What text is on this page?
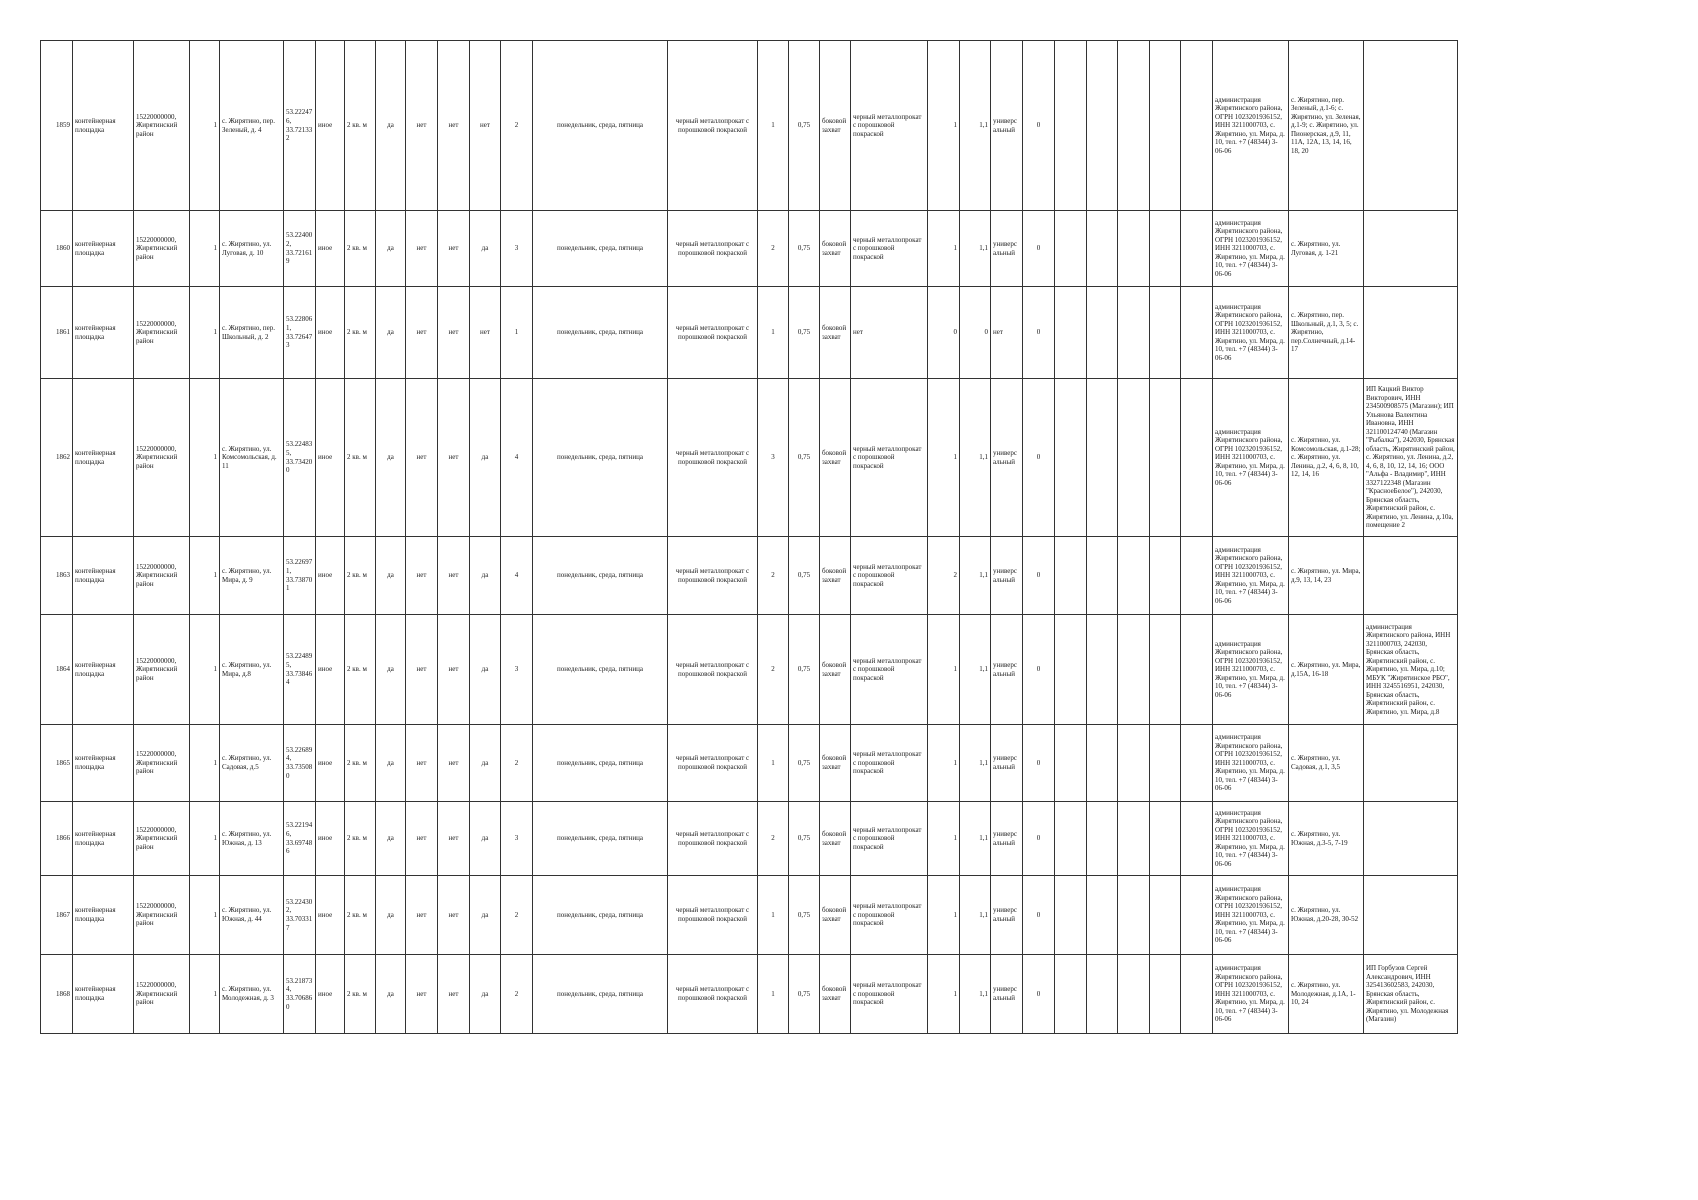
1859	контейнерная площадка	15220000000, Жирятинский район	1	с. Жирятино, пер. Зеленый, д. 4	53.22247 6, 33.72133 2	иное	2 кв. м	да	нет	нет	нет	2	понедельник, среда, пятница	черный металлопрокат с порошковой покраской	1	0,75	боковой захват	черный металлопрокат с порошковой покраской	1	1,1	универсальный	0						администрация Жирятинского района, ОГРН 1023201936152, ИНН 3211000703, с. Жирятино, ул. Мира, д. 10, тел. +7 (48344) 3-06-06	с. Жирятино, пер. Зеленый, д.1-6; с. Жирятино, ул. Зеленая, д.1-9; с. Жирятино, ул. Пионерская, д.9, 11, 11А, 12А, 13, 14, 16, 18, 20	
1860	контейнерная площадка	15220000000, Жирятинский район	1	с. Жирятино, ул. Луговая, д. 10	53.22400 2, 33.72161 9	иное	2 кв. м	да	нет	нет	да	3	понедельник, среда, пятница	черный металлопрокат с порошковой покраской	2	0,75	боковой захват	черный металлопрокат с порошковой покраской	1	1,1	универсальный	0						администрация Жирятинского района, ОГРН 1023201936152, ИНН 3211000703, с. Жирятино, ул. Мира, д. 10, тел. +7 (48344) 3-06-06	с. Жирятино, ул. Луговая, д. 1-21	
1861	контейнерная площадка	15220000000, Жирятинский район	1	с. Жирятино, пер. Школьный, д. 2	53.22806 1, 33.72647 3	иное	2 кв. м	да	нет	нет	нет	1	понедельник, среда, пятница	черный металлопрокат с порошковой покраской	1	0,75	боковой захват	нет	0	0	нет	0						администрация Жирятинского района, ОГРН 1023201936152, ИНН 3211000703, с. Жирятино, ул. Мира, д. 10, тел. +7 (48344) 3-06-06	с. Жирятино, пер. Школьный, д.1, 3, 5; с. Жирятино, пер.Солнечный, д.14-17	
1862	контейнерная площадка	15220000000, Жирятинский район	1	с. Жирятино, ул. Комсомольская, д. 11	53.22483 5, 33.73420 0	иное	2 кв. м	да	нет	нет	да	4	понедельник, среда, пятница	черный металлопрокат с порошковой покраской	3	0,75	боковой захват	черный металлопрокат с порошковой покраской	1	1,1	универсальный	0						администрация Жирятинского района, ОГРН 1023201936152, ИНН 3211000703, с. Жирятино, ул. Мира, д. 10, тел. +7 (48344) 3-06-06	с. Жирятино, ул. Комсомольская, д.1-28; с. Жирятино, ул. Ленина, д.2, 4, 6, 8, 10, 12, 14, 16	ИП Кацкий Виктор Викторович, ИНН 234500908575 (Магазин); ИП Ульянова Валентина Ивановна, ИНН 321100124740 (Магазин "Рыбалка"), 242030, Брянская область, Жирятинский район, с. Жирятино, ул. Ленина, д.2, 4, 6, 8, 10, 12, 14, 16; ООО "Альфа - Владимир", ИНН 3327122348 (Магазин "КрасноеБелое"), 242030, Брянская область, Жирятинский район, с. Жирятино, ул. Ленина, д.10а, помещение 2
1863	контейнерная площадка	15220000000, Жирятинский район	1	с. Жирятино, ул. Мира, д. 9	53.22697 1, 33.73870 1	иное	2 кв. м	да	нет	нет	да	4	понедельник, среда, пятница	черный металлопрокат с порошковой покраской	2	0,75	боковой захват	черный металлопрокат с порошковой покраской	2	1,1	универсальный	0						администрация Жирятинского района, ОГРН 1023201936152, ИНН 3211000703, с. Жирятино, ул. Мира, д. 10, тел. +7 (48344) 3-06-06	с. Жирятино, ул. Мира, д.9, 13, 14, 23	
1864	контейнерная площадка	15220000000, Жирятинский район	1	с. Жирятино, ул. Мира, д.8	53.22489 5, 33.73846 4	иное	2 кв. м	да	нет	нет	да	3	понедельник, среда, пятница	черный металлопрокат с порошковой покраской	2	0,75	боковой захват	черный металлопрокат с порошковой покраской	1	1,1	универсальный	0						администрация Жирятинского района, ОГРН 1023201936152, ИНН 3211000703, с. Жирятино, ул. Мира, д. 10, тел. +7 (48344) 3-06-06	с. Жирятино, ул. Мира, д.15А, 16-18	администрация Жирятинского района, ИНН 3211000703, 242030, Брянская область, Жирятинский район, с. Жирятино, ул. Мира, д.10; МБУК "Жирятинское РБО", ИНН 3245516951, 242030, Брянская область, Жирятинский район, с. Жирятино, ул. Мира, д.8
1865	контейнерная площадка	15220000000, Жирятинский район	1	с. Жирятино, ул. Садовая, д.5	53.22689 4, 33.73508 0	иное	2 кв. м	да	нет	нет	да	2	понедельник, среда, пятница	черный металлопрокат с порошковой покраской	1	0,75	боковой захват	черный металлопрокат с порошковой покраской	1	1,1	универсальный	0						администрация Жирятинского района, ОГРН 1023201936152, ИНН 3211000703, с. Жирятино, ул. Мира, д. 10, тел. +7 (48344) 3-06-06	с. Жирятино, ул. Садовая, д.1, 3,5	
1866	контейнерная площадка	15220000000, Жирятинский район	1	с. Жирятино, ул. Южная, д. 13	53.22194 6, 33.69748 6	иное	2 кв. м	да	нет	нет	да	3	понедельник, среда, пятница	черный металлопрокат с порошковой покраской	2	0,75	боковой захват	черный металлопрокат с порошковой покраской	1	1,1	универсальный	0						администрация Жирятинского района, ОГРН 1023201936152, ИНН 3211000703, с. Жирятино, ул. Мира, д. 10, тел. +7 (48344) 3-06-06	с. Жирятино, ул. Южная, д.3-5, 7-19	
1867	контейнерная площадка	15220000000, Жирятинский район	1	с. Жирятино, ул. Южная, д. 44	53.22430 2, 33.70331 7	иное	2 кв. м	да	нет	нет	да	2	понедельник, среда, пятница	черный металлопрокат с порошковой покраской	1	0,75	боковой захват	черный металлопрокат с порошковой покраской	1	1,1	универсальный	0						администрация Жирятинского района, ОГРН 1023201936152, ИНН 3211000703, с. Жирятино, ул. Мира, д. 10, тел. +7 (48344) 3-06-06	с. Жирятино, ул. Южная, д.20-28, 30-52	
1868	контейнерная площадка	15220000000, Жирятинский район	1	с. Жирятино, ул. Молодежная, д. 3	53.21873 4, 33.70686 0	иное	2 кв. м	да	нет	нет	да	2	понедельник, среда, пятница	черный металлопрокат с порошковой покраской	1	0,75	боковой захват	черный металлопрокат с порошковой покраской	1	1,1	универсальный	0						администрация Жирятинского района, ОГРН 1023201936152, ИНН 3211000703, с. Жирятино, ул. Мира, д. 10, тел. +7 (48344) 3-06-06	с. Жирятино, ул. Молодежная, д.1А, 1-10, 24	ИП Горбузов Сергей Александрович, ИНН 325413602583, 242030, Брянская область, Жирятинский район, с. Жирятино, ул. Молодежная (Магазин)
